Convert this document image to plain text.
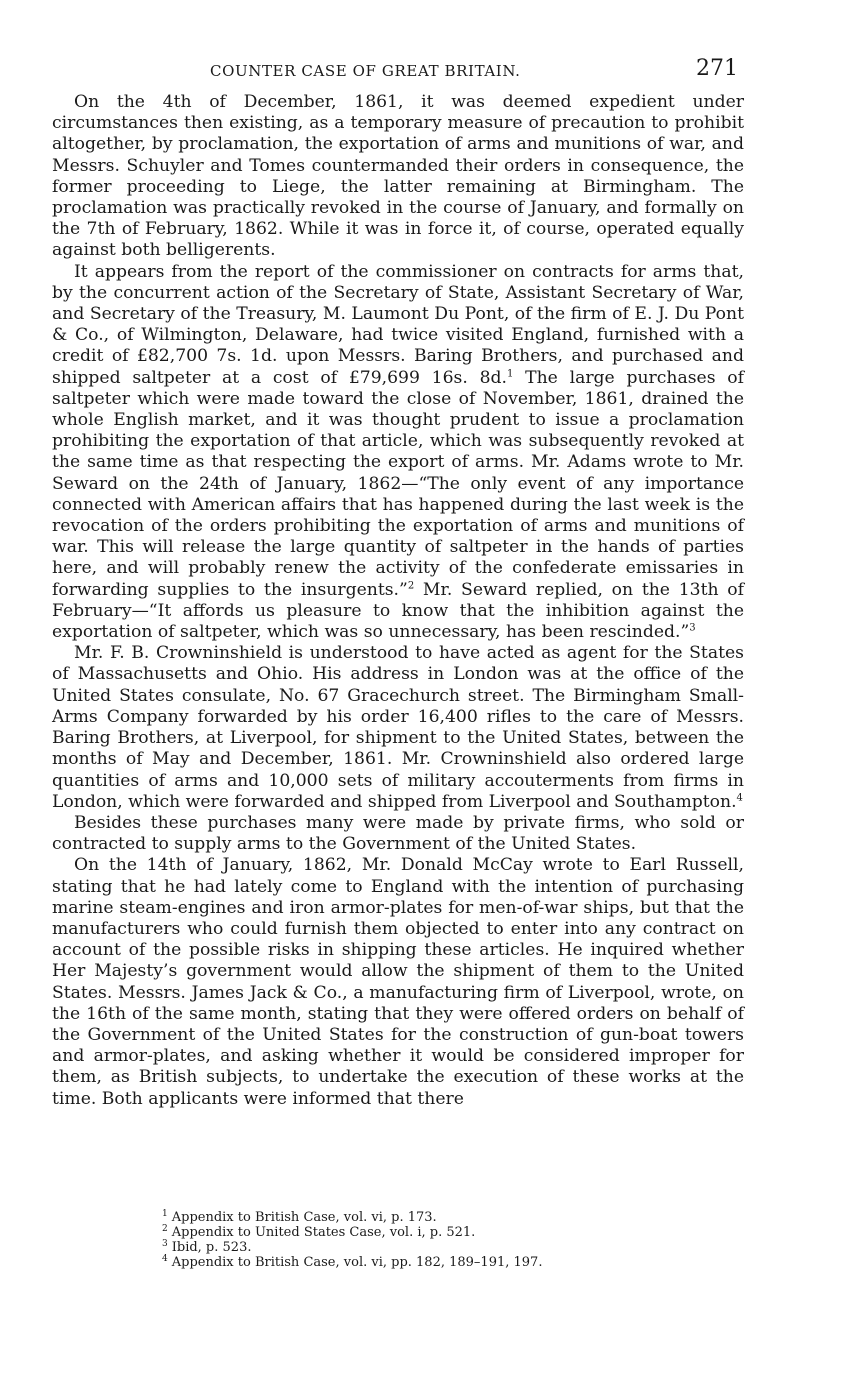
COUNTER CASE OF GREAT BRITAIN.	271

On the 4th of December, 1861, it was deemed expedient under circumstances then existing, as a temporary measure of precaution to prohibit altogether, by proclamation, the exportation of arms and munitions of war, and Messrs. Schuyler and Tomes countermanded their orders in consequence, the former proceeding to Liege, the latter remaining at Birmingham. The proclamation was practically revoked in the course of January, and formally on the 7th of February, 1862. While it was in force it, of course, operated equally against both belligerents.

It appears from the report of the commissioner on contracts for arms that, by the concurrent action of the Secretary of State, Assistant Secretary of War, and Secretary of the Treasury, M. Laumont Du Pont, of the firm of E. J. Du Pont & Co., of Wilmington, Delaware, had twice visited England, furnished with a credit of £82,700 7s. 1d. upon Messrs. Baring Brothers, and purchased and shipped saltpeter at a cost of £79,699 16s. 8d.$^1$ The large purchases of saltpeter which were made toward the close of November, 1861, drained the whole English market, and it was thought prudent to issue a proclamation prohibiting the exportation of that article, which was subsequently revoked at the same time as that respecting the export of arms. Mr. Adams wrote to Mr. Seward on the 24th of January, 1862—“The only event of any importance connected with American affairs that has happened during the last week is the revocation of the orders prohibiting the exportation of arms and munitions of war. This will release the large quantity of saltpeter in the hands of parties here, and will probably renew the activity of the confederate emissaries in forwarding supplies to the insurgents.”$^2$ Mr. Seward replied, on the 13th of February—“It affords us pleasure to know that the inhibition against the exportation of saltpeter, which was so unnecessary, has been rescinded.”$^3$

Mr. F. B. Crowninshield is understood to have acted as agent for the States of Massachusetts and Ohio. His address in London was at the office of the United States consulate, No. 67 Gracechurch street. The Birmingham Small-Arms Company forwarded by his order 16,400 rifles to the care of Messrs. Baring Brothers, at Liverpool, for shipment to the United States, between the months of May and December, 1861. Mr. Crowninshield also ordered large quantities of arms and 10,000 sets of military accouterments from firms in London, which were forwarded and shipped from Liverpool and Southampton.$^4$

Besides these purchases many were made by private firms, who sold or contracted to supply arms to the Government of the United States.

On the 14th of January, 1862, Mr. Donald McCay wrote to Earl Russell, stating that he had lately come to England with the intention of purchasing marine steam-engines and iron armor-plates for men-of-war ships, but that the manufacturers who could furnish them objected to enter into any contract on account of the possible risks in shipping these articles. He inquired whether Her Majesty’s government would allow the shipment of them to the United States. Messrs. James Jack & Co., a manufacturing firm of Liverpool, wrote, on the 16th of the same month, stating that they were offered orders on behalf of the Government of the United States for the construction of gun-boat towers and armor-plates, and asking whether it would be considered improper for them, as British subjects, to undertake the execution of these works at the time. Both applicants were informed that there

$^1$ Appendix to British Case, vol. vi, p. 173.
$^2$ Appendix to United States Case, vol. i, p. 521.
$^3$ Ibid, p. 523.
$^4$ Appendix to British Case, vol. vi, pp. 182, 189–191, 197.
